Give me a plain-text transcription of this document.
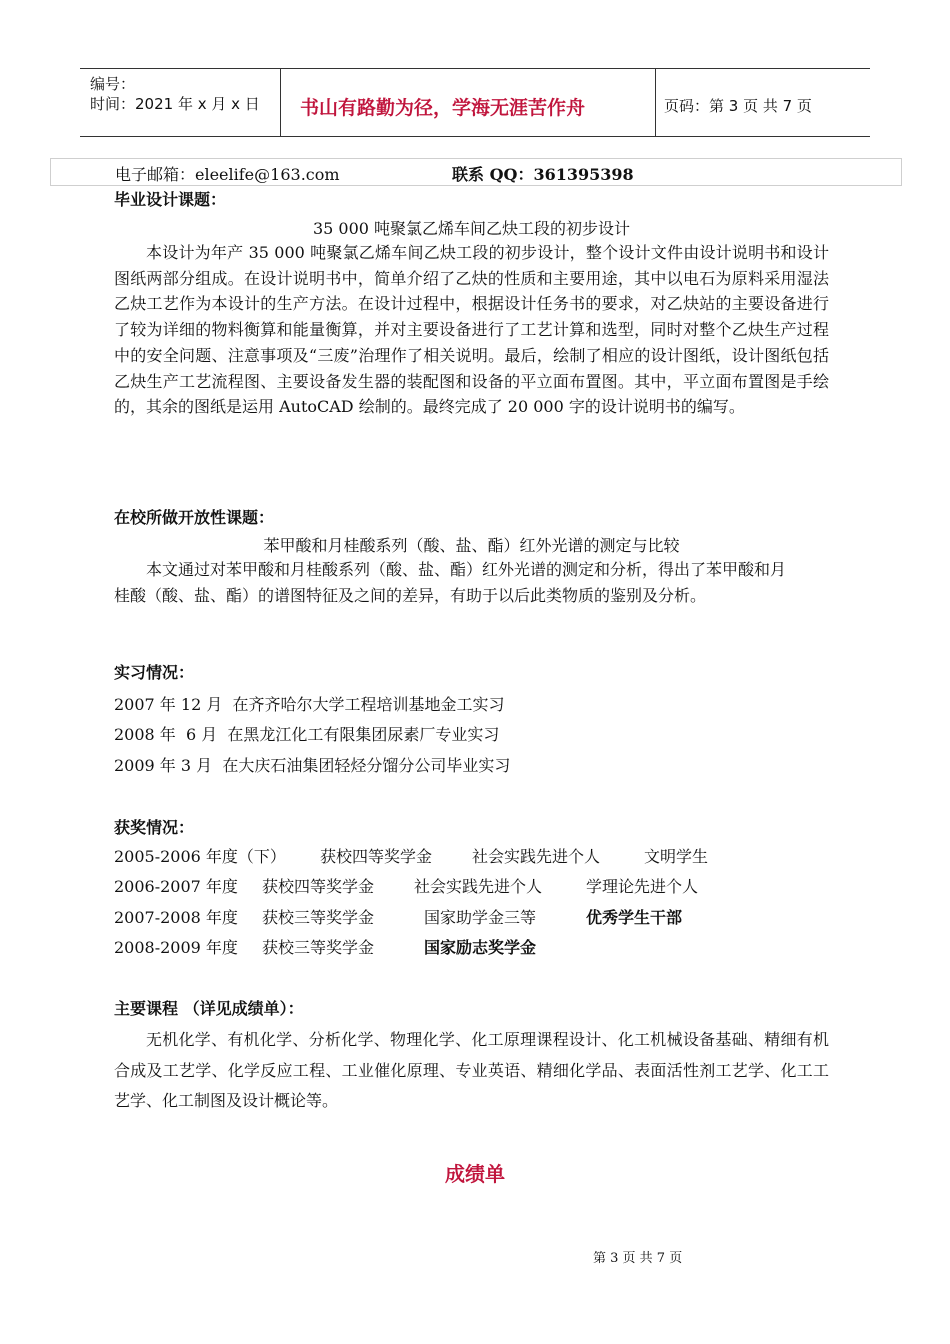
编号：
时间：2021 年 x 月 x 日 书山有路勤为径，学海无涯苦作舟	页码：第 3 页 共 7 页
电子邮箱：eleelife@163.com	联系 QQ：361395398
毕业设计课题：
35 000 吨聚氯乙烯车间乙炔工段的初步设计

本设计为年产 35 000 吨聚氯乙烯车间乙炔工段的初步设计，整个设计文件由设计说明书和设计图纸两部分组成。在设计说明书中，简单介绍了乙炔的性质和主要用途，其中以电石为原料采用湿法乙炔工艺作为本设计的生产方法。在设计过程中，根据设计任务书的要求，对乙炔站的主要设备进行了较为详细的物料衡算和能量衡算，并对主要设备进行了工艺计算和选型，同时对整个乙炔生产过程中的安全问题、注意事项及“三废”治理作了相关说明。最后，绘制了相应的设计图纸，设计图纸包括乙炔生产工艺流程图、主要设备发生器的装配图和设备的平立面布置图。其中，平立面布置图是手绘的，其余的图纸是运用 AutoCAD 绘制的。最终完成了 20 000 字的设计说明书的编写。

在校所做开放性课题：
苯甲酸和月桂酸系列（酸、盐、酯）红外光谱的测定与比较

本文通过对苯甲酸和月桂酸系列（酸、盐、酯）红外光谱的测定和分析，得出了苯甲酸和月桂酸（酸、盐、酯）的谱图特征及之间的差异，有助于以后此类物质的鉴别及分析。

实习情况：
2007 年 12 月  在齐齐哈尔大学工程培训基地金工实习
2008 年  6 月  在黑龙江化工有限集团尿素厂专业实习
2009 年 3 月  在大庆石油集团轻烃分馏分公司毕业实习
获奖情况：
2005-2006 年度（下） 获校四等奖学金 社会实践先进个人	文明学生
2006-2007 年度 获校四等奖学金 社会实践先进个人	学理论先进个人
2007-2008 年度 获校三等奖学金	国家助学金三等	优秀学生干部
2008-2009 年度 获校三等奖学金	国家励志奖学金
主要课程 （详见成绩单）：

无机化学、有机化学、分析化学、物理化学、化工原理课程设计、化工机械设备基础、精细有机合成及工艺学、化学反应工程、工业催化原理、专业英语、精细化学品、表面活性剂工艺学、化工工艺学、化工制图及设计概论等。

成绩单
第 3 页 共 7 页
